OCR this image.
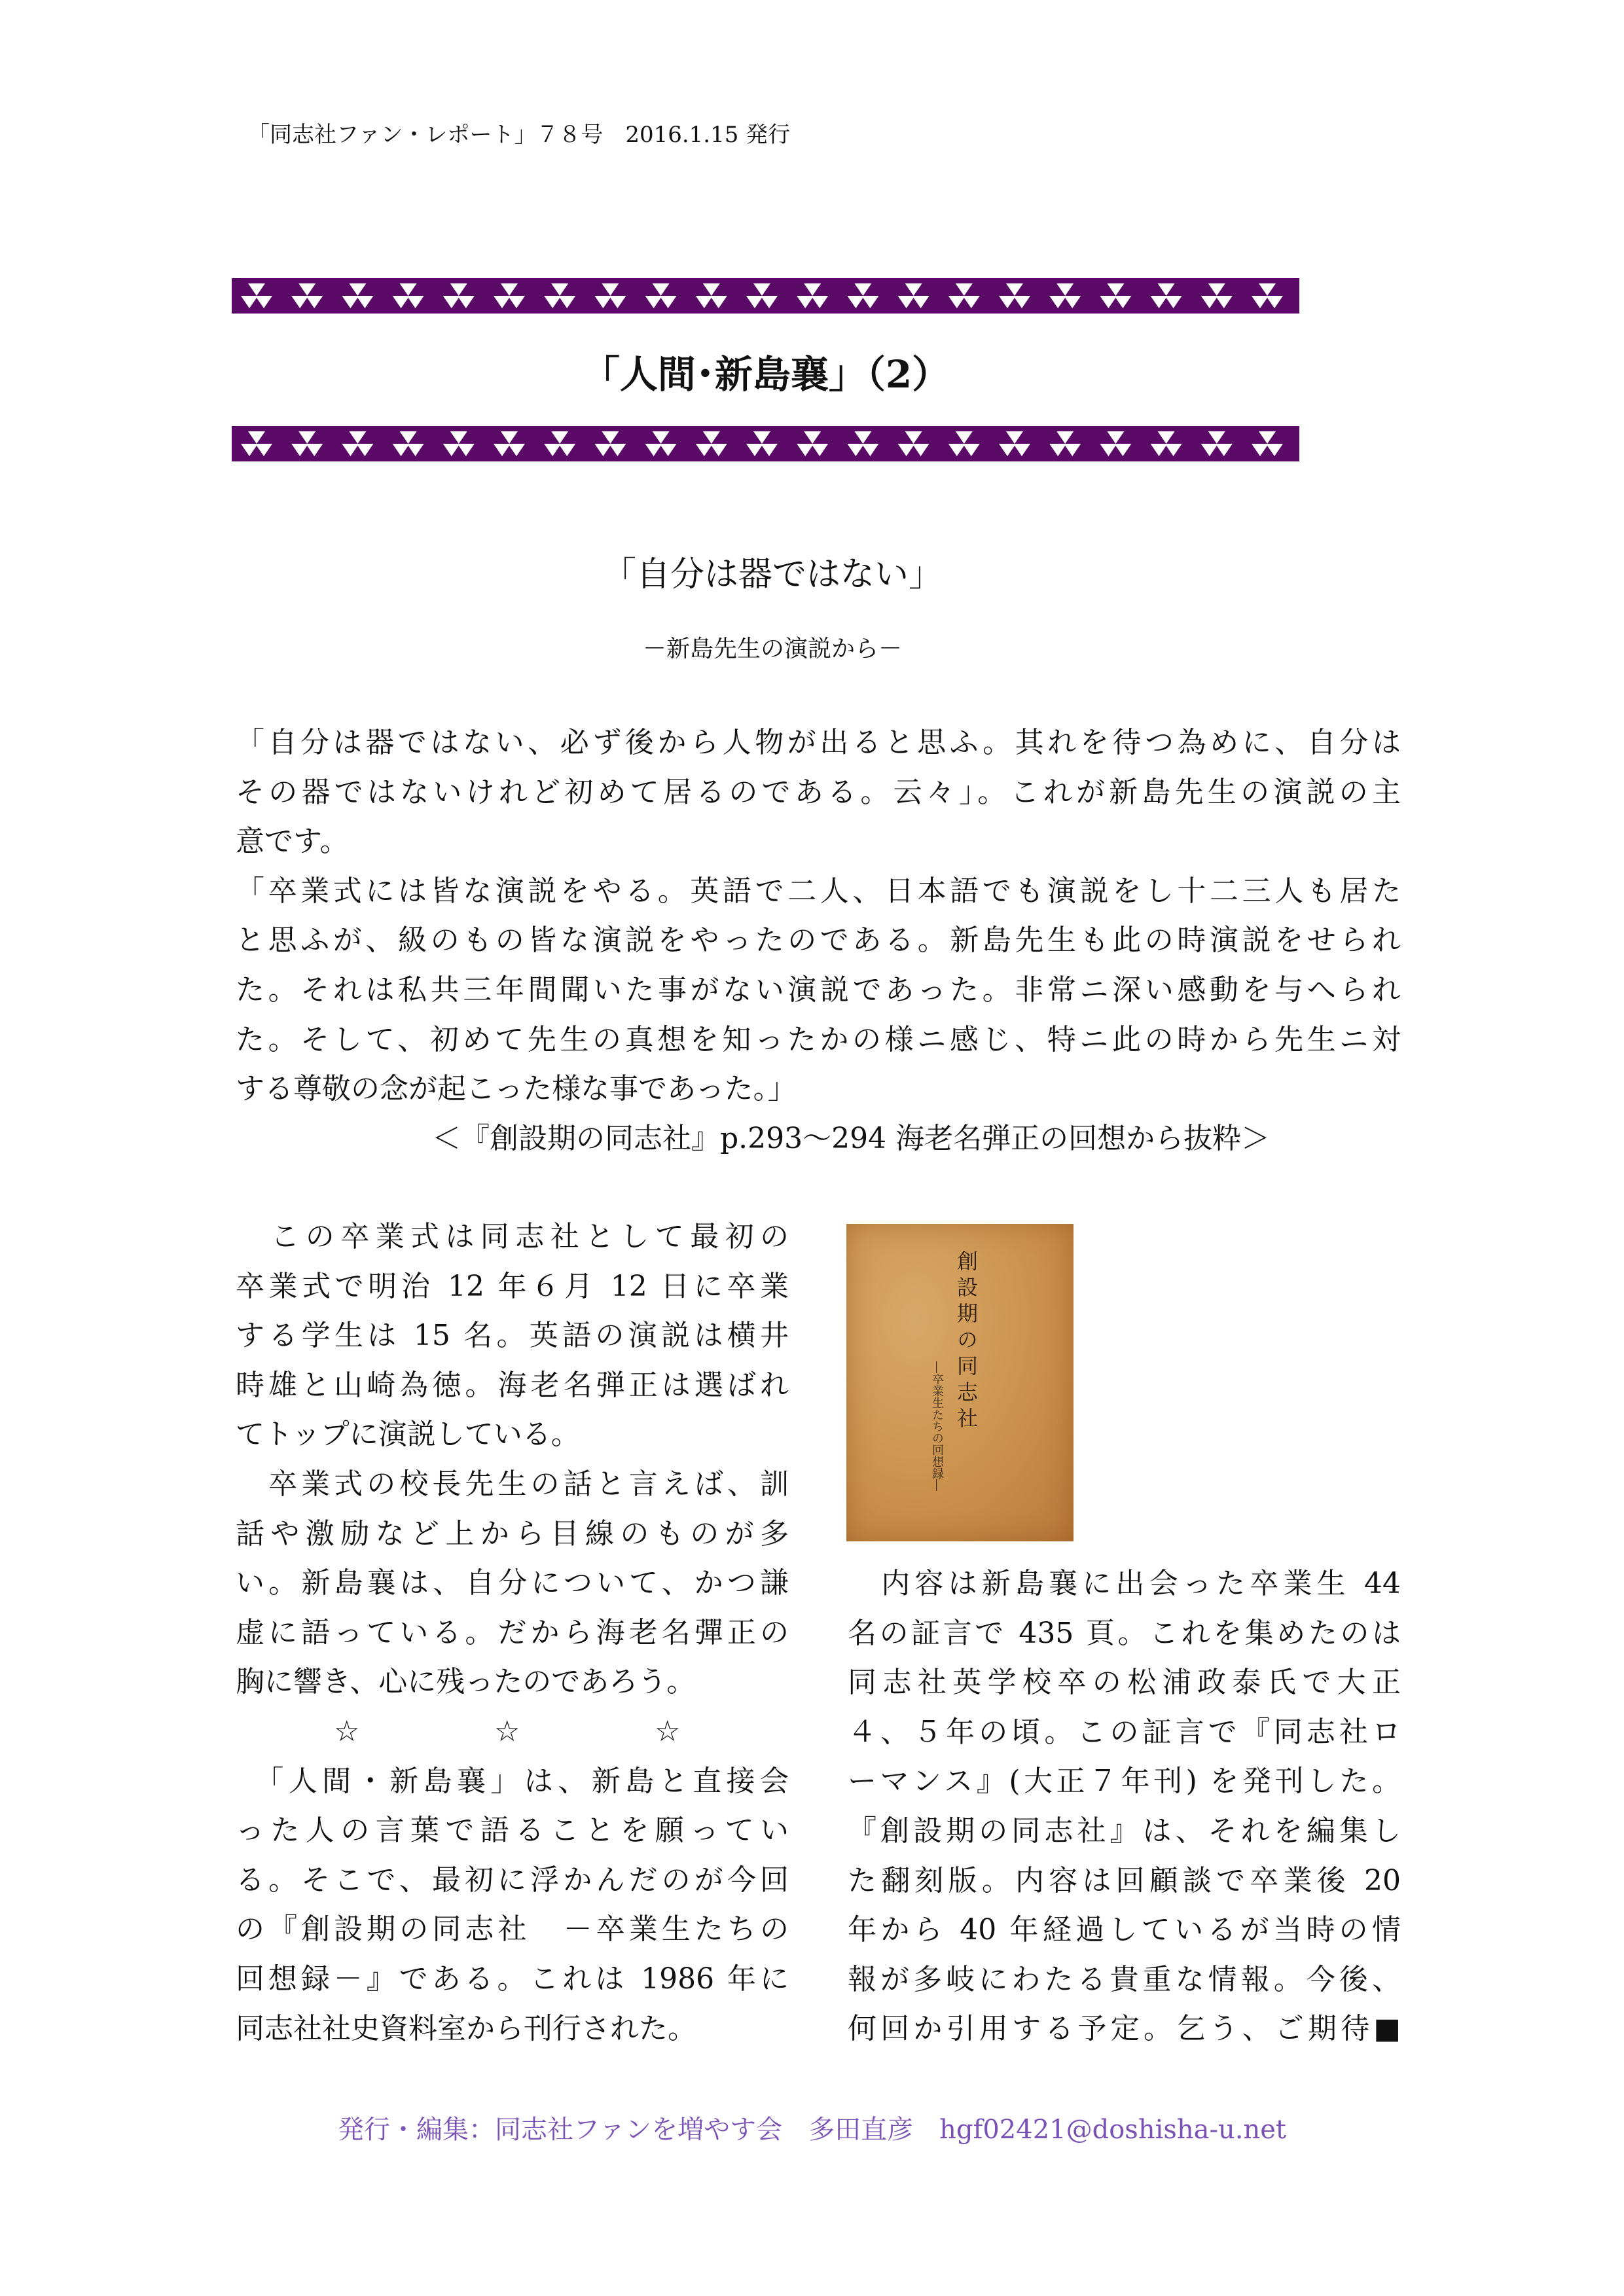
「同志社ファン・レポート」７８号　2016.1.15 発行
「人間･新島襄」（2）
「自分は器ではない」
－新島先生の演説から－
「自分は器ではない、必ず後から人物が出ると思ふ。其れを待つ為めに、自分は
その器ではないけれど初めて居るのである。云々」。これが新島先生の演説の主
意です。
「卒業式には皆な演説をやる。英語で二人、日本語でも演説をし十二三人も居た
と思ふが、級のもの皆な演説をやったのである。新島先生も此の時演説をせられ
た。それは私共三年間聞いた事がない演説であった。非常ニ深い感動を与へられ
た。そして、初めて先生の真想を知ったかの様ニ感じ、特ニ此の時から先生ニ対
する尊敬の念が起こった様な事であった。」
＜『創設期の同志社』p.293～294 海老名弾正の回想から抜粋＞
　この卒業式は同志社として最初の
卒業式で明治 12 年６月 12 日に卒業
する学生は 15 名。英語の演説は横井
時雄と山崎為徳。海老名弾正は選ばれ
てトップに演説している。
　卒業式の校長先生の話と言えば、訓
話や激励など上から目線のものが多
い。新島襄は、自分について、かつ謙
虚に語っている。だから海老名彈正の
胸に響き、心に残ったのであろう。
☆	☆	☆
　「人間・新島襄」は、新島と直接会
った人の言葉で語ることを願ってい
る。そこで、最初に浮かんだのが今回
の『創設期の同志社　－卒業生たちの
回想録－』である。これは 1986 年に
同志社社史資料室から刊行された。
創設期の同志社
―卒業生たちの回想録―
　内容は新島襄に出会った卒業生 44
名の証言で 435 頁。これを集めたのは
同志社英学校卒の松浦政泰氏で大正
４、５年の頃。この証言で『同志社ロ
ーマンス』(大正７年刊) を発刊した。
『創設期の同志社』は、それを編集し
た翻刻版。内容は回顧談で卒業後 20
年から 40 年経過しているが当時の情
報が多岐にわたる貴重な情報。今後、
何回か引用する予定。乞う、ご期待■
発行・編集：同志社ファンを増やす会　多田直彦　hgf02421@doshisha-u.net
